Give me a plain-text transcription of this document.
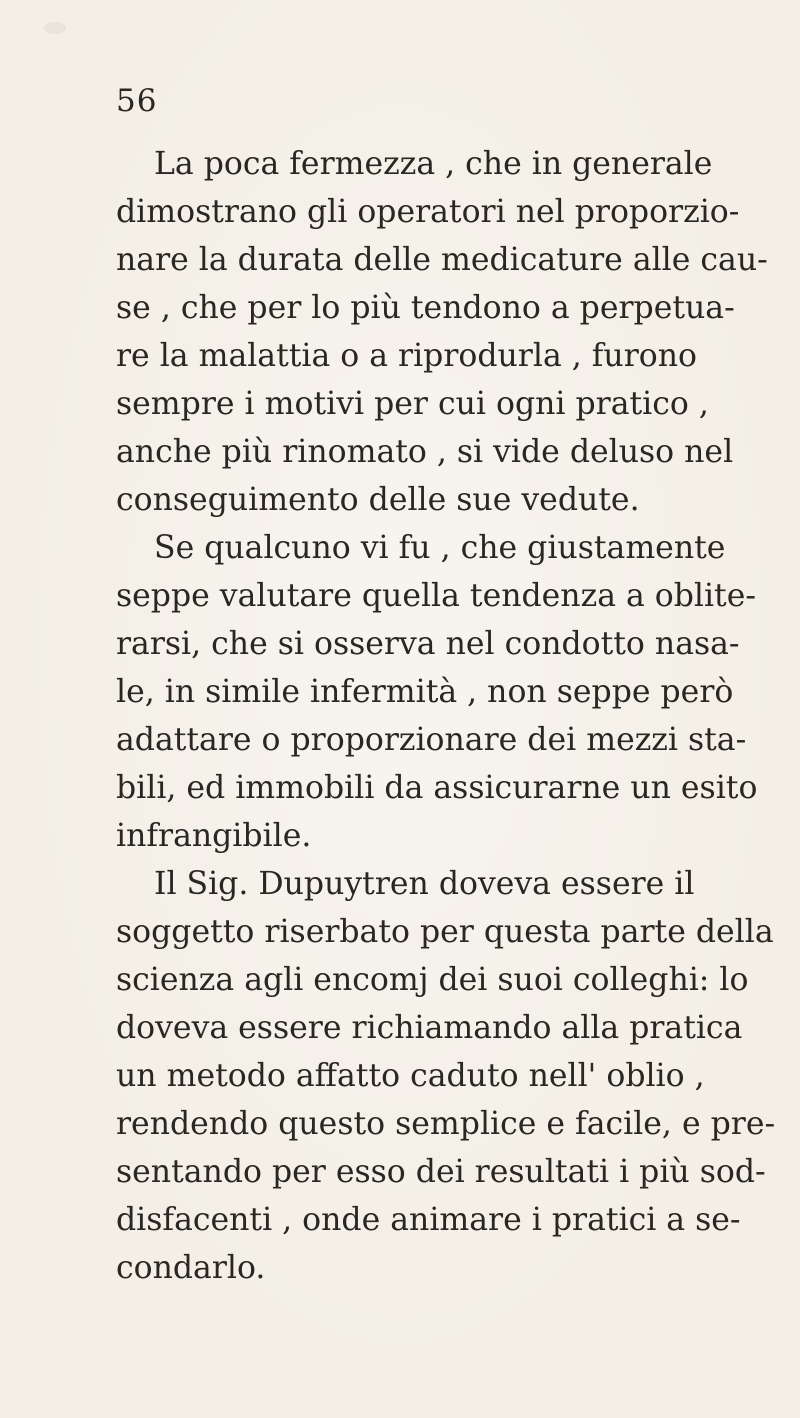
56
La poca fermezza , che in generale
dimostrano gli operatori nel proporzio-
nare la durata delle medicature alle cau-
se , che per lo più tendono a perpetua-
re la malattia o a riprodurla , furono
sempre i motivi per cui ogni pratico ,
anche più rinomato , si vide deluso nel
conseguimento delle sue vedute.
Se qualcuno vi fu , che giustamente
seppe valutare quella tendenza a oblite-
rarsi, che si osserva nel condotto nasa-
le, in simile infermità , non seppe però
adattare o proporzionare dei mezzi sta-
bili, ed immobili da assicurarne un esito
infrangibile.
Il Sig. Dupuytren doveva essere il
soggetto riserbato per questa parte della
scienza agli encomj dei suoi colleghi: lo
doveva essere richiamando alla pratica
un metodo affatto caduto nell' oblio ,
rendendo questo semplice e facile, e pre-
sentando per esso dei resultati i più sod-
disfacenti , onde animare i pratici a se-
condarlo.
